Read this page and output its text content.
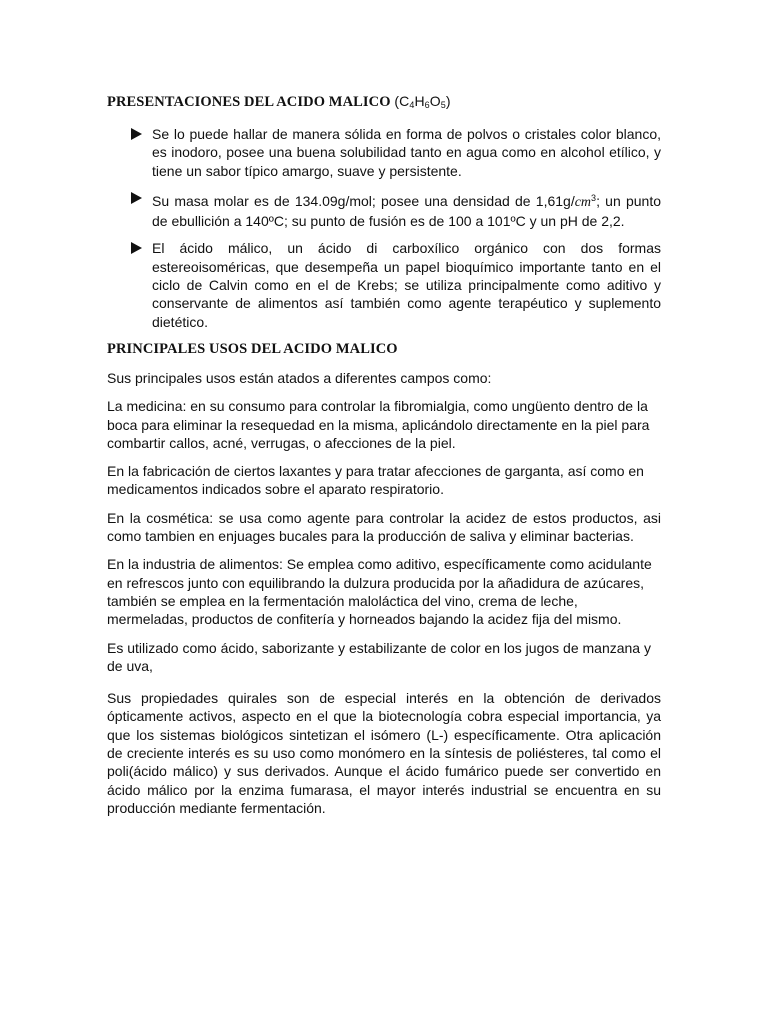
PRESENTACIONES DEL ACIDO MALICO $(C_4H_6O_5)$
Se lo puede hallar de manera sólida en forma de polvos o cristales color blanco, es inodoro, posee una buena solubilidad tanto en agua como en alcohol etílico, y tiene un sabor típico amargo, suave y persistente.
Su masa molar es de 134.09g/mol; posee una densidad de $1,61g/cm^3$; un punto de ebullición a 140ºC; su punto de fusión es de 100 a 101ºC y un pH de 2,2.
El ácido málico, un ácido di carboxílico orgánico con dos formas estereoisoméricas, que desempeña un papel bioquímico importante tanto en el ciclo de Calvin como en el de Krebs; se utiliza principalmente como aditivo y conservante de alimentos así también como agente terapéutico y suplemento dietético.
PRINCIPALES USOS DEL ACIDO MALICO

Sus principales usos están atados a diferentes campos como:

La medicina: en su consumo para controlar la fibromialgia, como ungüento dentro de la boca para eliminar la resequedad en la misma, aplicándolo directamente en la piel para combartir callos, acné, verrugas, o afecciones de la piel.

En la fabricación de ciertos laxantes y para tratar afecciones de garganta, así como en medicamentos indicados sobre el aparato respiratorio.

En la cosmética: se usa como agente para controlar la acidez de estos productos, asi como tambien en enjuages bucales para la producción de saliva y eliminar bacterias.

En la industria de alimentos: Se emplea como aditivo, específicamente como acidulante en refrescos junto con equilibrando la dulzura producida por la añadidura de azúcares, también se emplea en la fermentación maloláctica del vino, crema de leche, mermeladas, productos de confitería y horneados bajando la acidez fija del mismo.

Es utilizado como ácido, saborizante y estabilizante de color en los jugos de manzana y de uva,

Sus propiedades quirales son de especial interés en la obtención de derivados ópticamente activos, aspecto en el que la biotecnología cobra especial importancia, ya que los sistemas biológicos sintetizan el isómero (L-) específicamente. Otra aplicación de creciente interés es su uso como monómero en la síntesis de poliésteres, tal como el poli(ácido málico) y sus derivados. Aunque el ácido fumárico puede ser convertido en ácido málico por la enzima fumarasa, el mayor interés industrial se encuentra en su producción mediante fermentación.
